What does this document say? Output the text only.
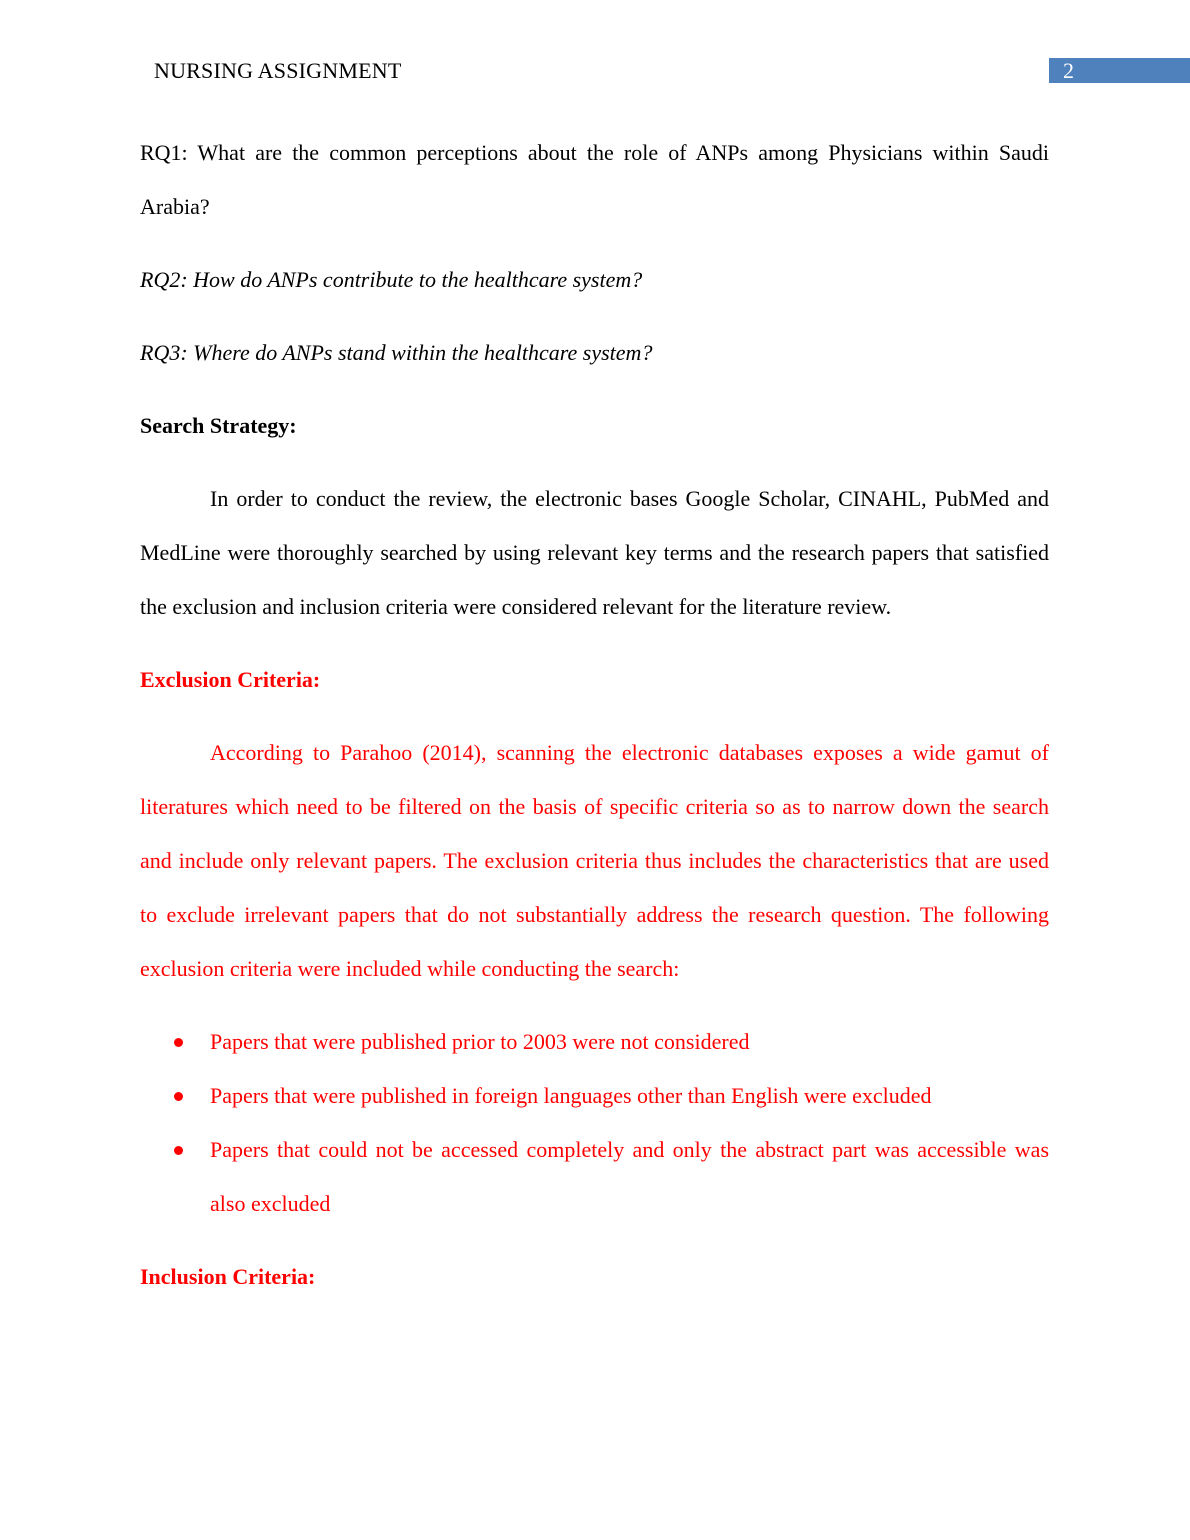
NURSING ASSIGNMENT	2

RQ1: What are the common perceptions about the role of ANPs among Physicians within Saudi Arabia?

RQ2: How do ANPs contribute to the healthcare system?

RQ3: Where do ANPs stand within the healthcare system?

Search Strategy:

In order to conduct the review, the electronic bases Google Scholar, CINAHL, PubMed and MedLine were thoroughly searched by using relevant key terms and the research papers that satisfied the exclusion and inclusion criteria were considered relevant for the literature review.

Exclusion Criteria:

According to Parahoo (2014), scanning the electronic databases exposes a wide gamut of literatures which need to be filtered on the basis of specific criteria so as to narrow down the search and include only relevant papers. The exclusion criteria thus includes the characteristics that are used to exclude irrelevant papers that do not substantially address the research question. The following exclusion criteria were included while conducting the search:

Papers that were published prior to 2003 were not considered
Papers that were published in foreign languages other than English were excluded
Papers that could not be accessed completely and only the abstract part was accessible was also excluded

Inclusion Criteria:
